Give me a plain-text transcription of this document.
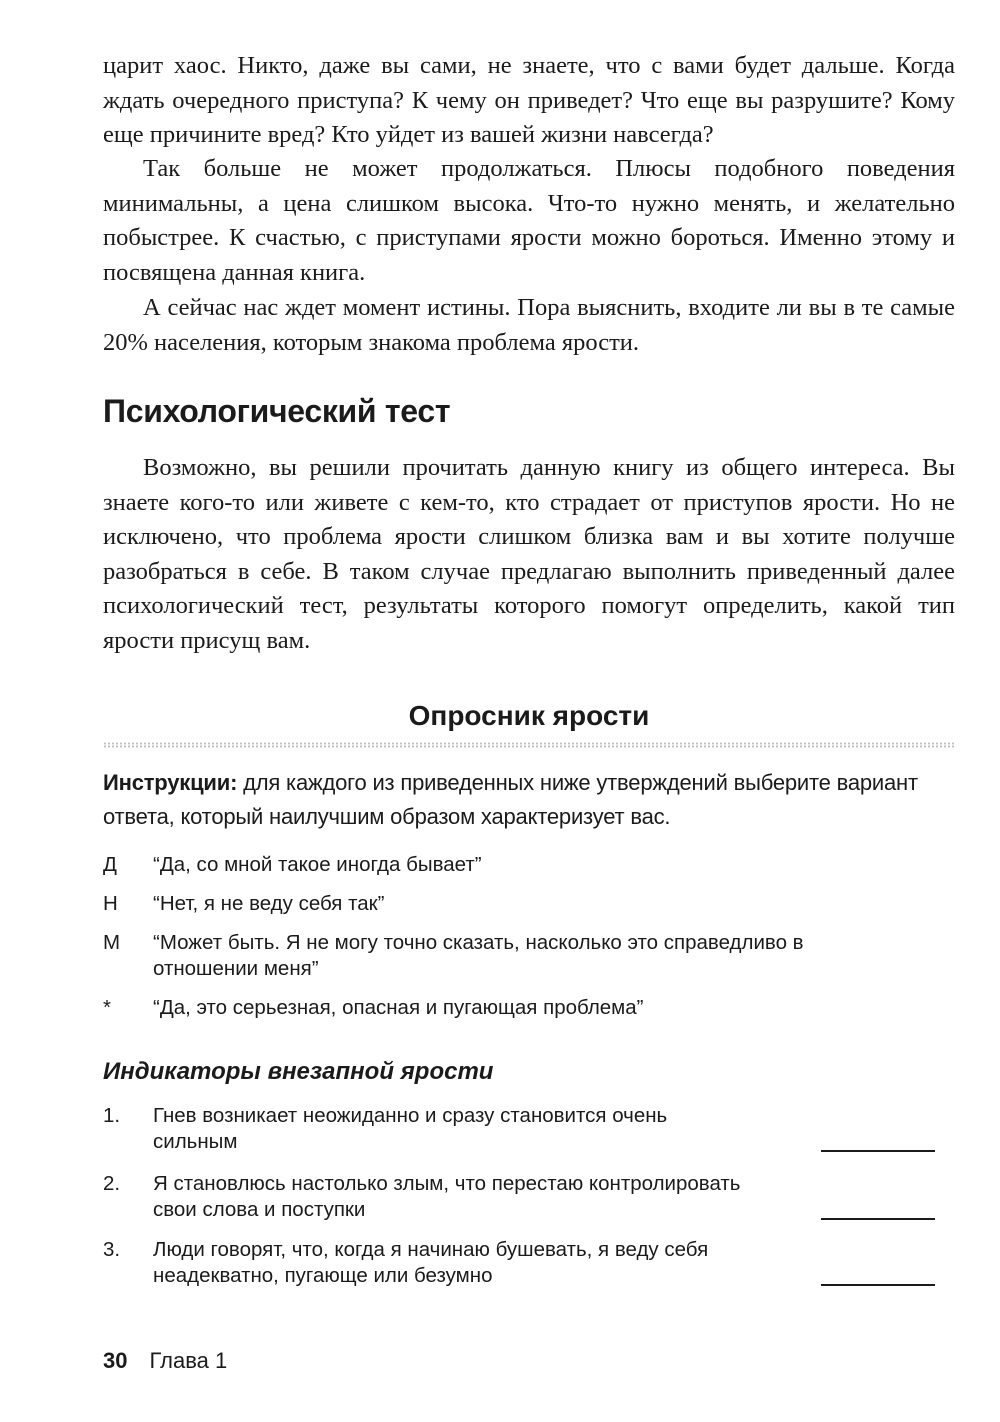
царит хаос. Никто, даже вы сами, не знаете, что с вами будет дальше. Когда ждать очередного приступа? К чему он приведет? Что еще вы разрушите? Кому еще причините вред? Кто уйдет из вашей жизни навсегда?

Так больше не может продолжаться. Плюсы подобного поведения минимальны, а цена слишком высока. Что-то нужно менять, и желательно побыстрее. К счастью, с приступами ярости можно бороться. Именно этому и посвящена данная книга.

А сейчас нас ждет момент истины. Пора выяснить, входите ли вы в те самые 20% населения, которым знакома проблема ярости.

Психологический тест

Возможно, вы решили прочитать данную книгу из общего интереса. Вы знаете кого-то или живете с кем-то, кто страдает от приступов ярости. Но не исключено, что проблема ярости слишком близка вам и вы хотите получше разобраться в себе. В таком случае предлагаю выполнить приведенный далее психологический тест, результаты которого помогут определить, какой тип ярости присущ вам.

Опросник ярости

Инструкции: для каждого из приведенных ниже утверждений выберите вариант ответа, который наилучшим образом характеризует вас.

Д	“Да, со мной такое иногда бывает”
Н	“Нет, я не веду себя так”
М	“Может быть. Я не могу точно сказать, насколько это справедливо в отношении меня”
*	“Да, это серьезная, опасная и пугающая проблема”
Индикаторы внезапной ярости
1.	Гнев возникает неожиданно и сразу становится очень сильным
2.	Я становлюсь настолько злым, что перестаю контролировать свои слова и поступки
3.	Люди говорят, что, когда я начинаю бушевать, я веду себя неадекватно, пугающе или безумно
30 Глава 1
